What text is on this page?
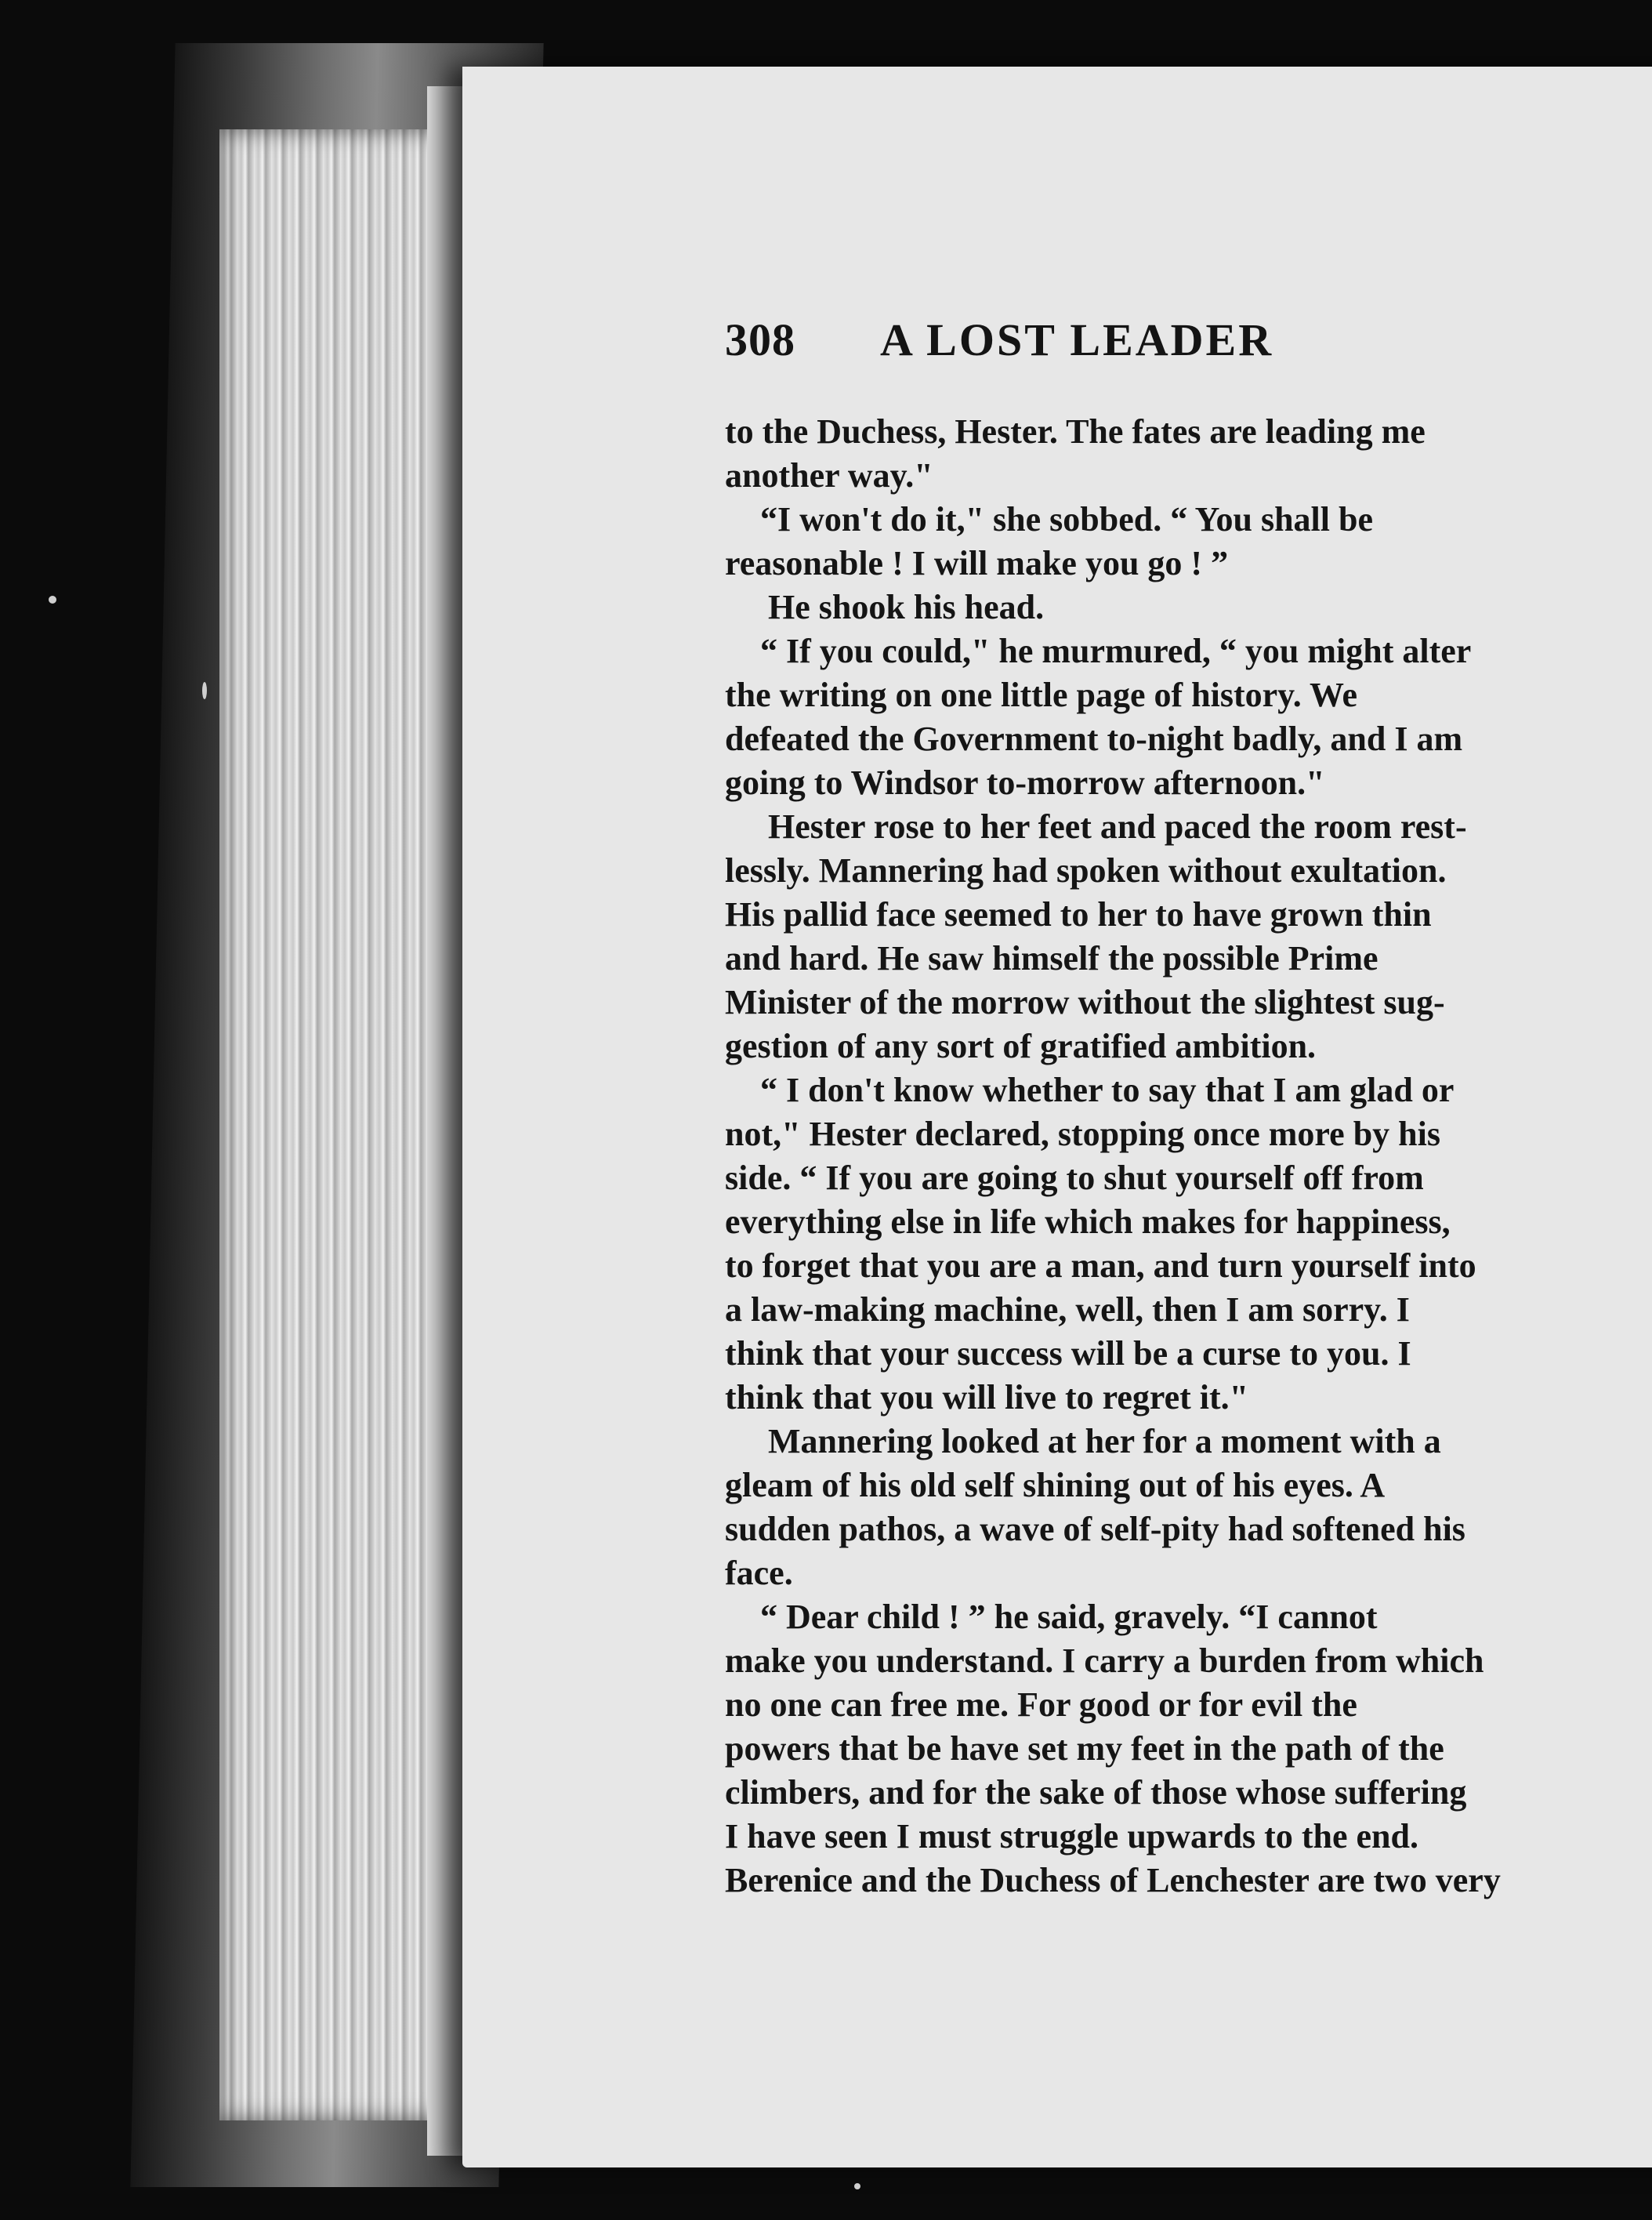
308 A LOST LEADER
to the Duchess, Hester. The fates are leading me
another way."
“I won't do it," she sobbed. “ You shall be
reasonable ! I will make you go ! ”
He shook his head.
“ If you could," he murmured, “ you might alter
the writing on one little page of history. We
defeated the Government to-night badly, and I am
going to Windsor to-morrow afternoon."
Hester rose to her feet and paced the room rest-
lessly. Mannering had spoken without exultation.
His pallid face seemed to her to have grown thin
and hard. He saw himself the possible Prime
Minister of the morrow without the slightest sug-
gestion of any sort of gratified ambition.
“ I don't know whether to say that I am glad or
not," Hester declared, stopping once more by his
side. “ If you are going to shut yourself off from
everything else in life which makes for happiness,
to forget that you are a man, and turn yourself into
a law-making machine, well, then I am sorry. I
think that your success will be a curse to you. I
think that you will live to regret it."
Mannering looked at her for a moment with a
gleam of his old self shining out of his eyes. A
sudden pathos, a wave of self-pity had softened his
face.
“ Dear child ! ” he said, gravely. “I cannot
make you understand. I carry a burden from which
no one can free me. For good or for evil the
powers that be have set my feet in the path of the
climbers, and for the sake of those whose suffering
I have seen I must struggle upwards to the end.
Berenice and the Duchess of Lenchester are two very
